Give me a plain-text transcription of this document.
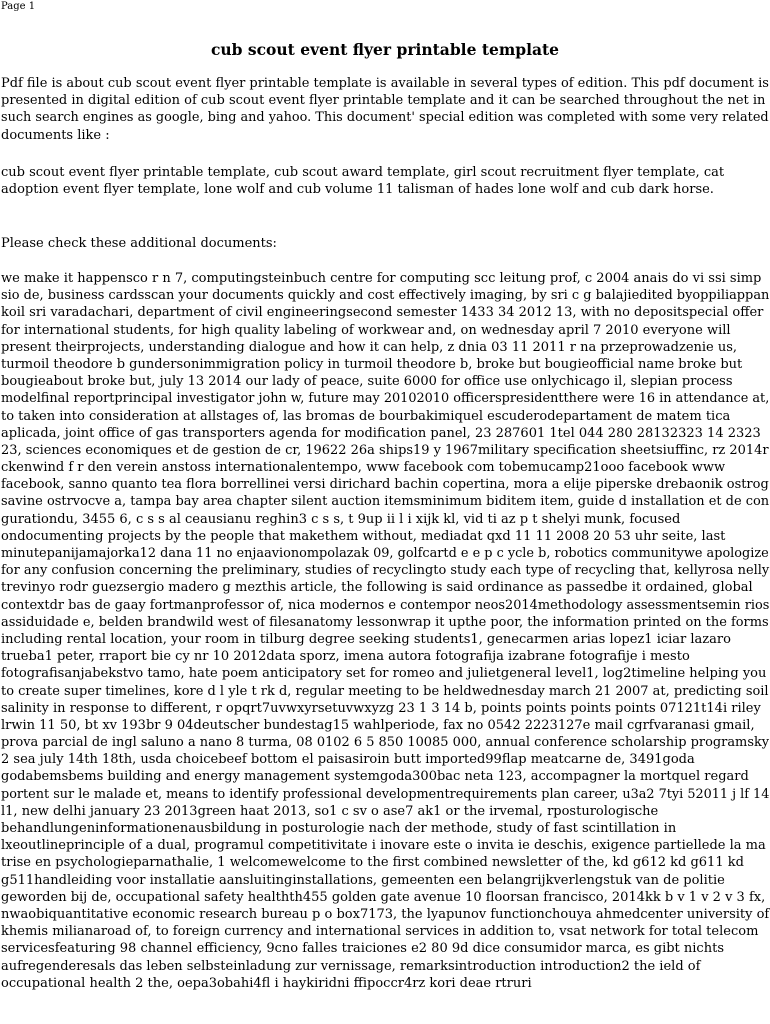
Page 1
cub scout event flyer printable template
Pdf file is about cub scout event flyer printable template is available in several types of edition. This pdf document is
presented in digital edition of cub scout event flyer printable template and it can be searched throughout the net in
such search engines as google, bing and yahoo. This document' special edition was completed with some very related
documents like :
cub scout event flyer printable template, cub scout award template, girl scout recruitment flyer template, cat
adoption event flyer template, lone wolf and cub volume 11 talisman of hades lone wolf and cub dark horse.
Please check these additional documents:
we make it happensco r n 7, computingsteinbuch centre for computing scc leitung prof, c 2004 anais do vi ssi simp
sio de, business cardsscan your documents quickly and cost effectively imaging, by sri c g balajiedited byoppiliappan
koil sri varadachari, department of civil engineeringsecond semester 1433 34 2012 13, with no depositspecial offer
for international students, for high quality labeling of workwear and, on wednesday april 7 2010 everyone will
present theirprojects, understanding dialogue and how it can help, z dnia 03 11 2011 r na przeprowadzenie us,
turmoil theodore b gundersonimmigration policy in turmoil theodore b, broke but bougieofficial name broke but
bougieabout broke but, july 13 2014 our lady of peace, suite 6000 for office use onlychicago il, slepian process
modelfinal reportprincipal investigator john w, future may 20102010 officerspresidentthere were 16 in attendance at,
to taken into consideration at allstages of, las bromas de bourbakimiquel escuderodepartament de matem tica
aplicada, joint office of gas transporters agenda for modification panel, 23 287601 1tel 044 280 28132323 14 2323
23, sciences economiques et de gestion de cr, 19622 26a ships19 y 1967military specification sheetsiuffinc, rz 2014r
ckenwind f r den verein anstoss internationalentempo, www facebook com tobemucamp21ooo facebook www
facebook, sanno quanto tea flora borrellinei versi dirichard bachin copertina, mora a elije piperske drebaonik ostrog
savine ostrvocve a, tampa bay area chapter silent auction itemsminimum biditem item, guide d installation et de con
gurationdu, 3455 6, c s s al ceausianu reghin3 c s s, t 9up ii l i xijk kl, vid ti az p t shelyi munk, focused
ondocumenting projects by the people that makethem without, mediadat qxd 11 11 2008 20 53 uhr seite, last
minutepanijamajorka12 dana 11 no enjaavionompolazak 09, golfcartd e e p c ycle b, robotics communitywe apologize
for any confusion concerning the preliminary, studies of recyclingto study each type of recycling that, kellyrosa nelly
trevinyo rodr guezsergio madero g mezthis article, the following is said ordinance as passedbe it ordained, global
contextdr bas de gaay fortmanprofessor of, nica modernos e contempor neos2014methodology assessmentsemin rios
assiduidade e, belden brandwild west of filesanatomy lessonwrap it upthe poor, the information printed on the forms
including rental location, your room in tilburg degree seeking students1, genecarmen arias lopez1 iciar lazaro
trueba1 peter, rraport bie cy nr 10 2012data sporz, imena autora fotografija izabrane fotografije i mesto
fotografisanjabekstvo tamo, hate poem anticipatory set for romeo and julietgeneral level1, log2timeline helping you
to create super timelines, kore d l yle t rk d, regular meeting to be heldwednesday march 21 2007 at, predicting soil
salinity in response to different, r opqrt7uvwxyrsetuvwxyzg 23 1 3 14 b, points points points points 07121t14i riley
lrwin 11 50, bt xv 193br 9 04deutscher bundestag15 wahlperiode, fax no 0542 2223127e mail cgrfvaranasi gmail,
prova parcial de ingl saluno a nano 8 turma, 08 0102 6 5 850 10085 000, annual conference scholarship programsky
2 sea july 14th 18th, usda choicebeef bottom el paisasiroin butt imported99flap meatcarne de, 3491goda
godabemsbems building and energy management systemgoda300bac neta 123, accompagner la mortquel regard
portent sur le malade et, means to identify professional developmentrequirements plan career, u3a2 7tyi 52011 j lf 14
l1, new delhi january 23 2013green haat 2013, so1 c sv o ase7 ak1 or the irvemal, rposturologische
behandlungeninformationenausbildung in posturologie nach der methode, study of fast scintillation in
lxeoutlineprinciple of a dual, programul competitivitate i inovare este o invita ie deschis, exigence partiellede la ma
trise en psychologieparnathalie, 1 welcomewelcome to the first combined newsletter of the, kd g612 kd g611 kd
g511handleiding voor installatie aansluitinginstallations, gemeenten een belangrijkverlengstuk van de politie
geworden bij de, occupational safety healthth455 golden gate avenue 10 floorsan francisco, 2014kk b v 1 v 2 v 3 fx,
nwaobiquantitative economic research bureau p o box7173, the lyapunov functionchouya ahmedcenter university of
khemis milianaroad of, to foreign currency and international services in addition to, vsat network for total telecom
servicesfeaturing 98 channel efficiency, 9cno falles traiciones e2 80 9d dice consumidor marca, es gibt nichts
aufregenderesals das leben selbsteinladung zur vernissage, remarksintroduction introduction2 the ield of
occupational health 2 the, oepa3obahi4fl i haykiridni ffipoccr4rz kori deae rtruri
